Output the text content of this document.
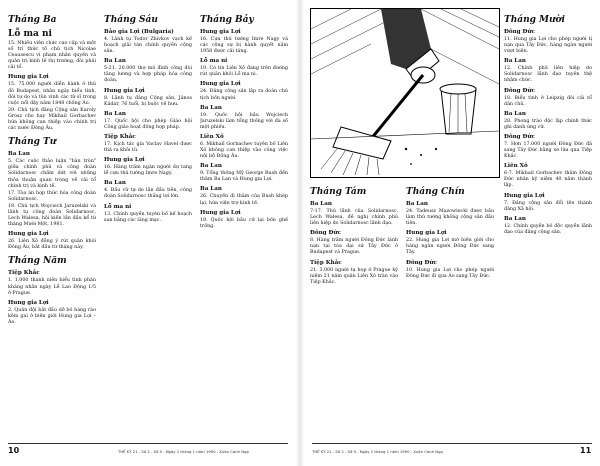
Tháng Ba
Lỗ ma ni
15. Nhiều viên chức cao cấp và một số trí thức tố chủ tịch Nicolae Ceausescu vi phạm nhân quyền và quản trị kinh tế thị trường, đòi phải cải tổ.
Hung gia Lợi
15. 75.000 người diễn hành ở thủ đô Budapest, nhân ngày biểu tình, đòi tự do và tôn vinh các tử sĩ trong cuộc nổi dậy năm 1848 chống Áo.
29. Chủ tịch đảng Cộng sản Karoly Grosz cho hay Mikhail Gorbachev hứa không can thiệp vào chính trị các nước Đông Âu.
Tháng Tư
Ba Lan
5. Các cuộc thảo luận "bàn tròn" giữa chính phủ và công đoàn Solidarnosc chấm dứt với những thỏa thuận quan trọng về cải tổ chính trị và kinh tế.
17. Tòa án hợp thức hóa công đoàn Solidarnosc.
18. Chủ tịch Wojciech Jaruzelski và lãnh tụ công đoàn Solidarnosc, Lech Walesa, hội kiến lần đầu kể từ tháng Mười Một, 1981.
Hung gia Lợi
26. Liên Xô đồng ý rút quân khỏi Đông Âu, bắt đầu từ tháng này.
Tháng Năm
Tiệp Khắc
1. 1.000 thanh niên biểu tình phản kháng nhân ngày Lễ Lao Động 1/5 ở Prague.
Hung gia Lợi
2. Quân đội bắt đầu dỡ bỏ hàng rào kẽm gai ở biên giới Hung gia Lợi – Áo.
Tháng Sáu
Bảo gia Lợi (Bulgaria)
4. Lãnh tụ Todor Zhivkov vạch kế hoạch giải tán chính quyền cộng sản.
Ba Lan
5-21. 20.000 thợ mỏ đình công đòi tăng lương và hợp pháp hóa công đoàn.
Hung gia Lợi
8. Lãnh tụ đảng Cộng sản, János Kádár, 76 tuổi, bị buộc về hưu.
Ba Lan
17. Quốc hội cho phép Giáo hội Công giáo hoạt động hợp pháp.
Tiệp Khắc
17. Kịch tác gia Vaclav Havel được thả ra khỏi tù.
Hung gia Lợi
16. Hàng trăm ngàn người dự tang lễ cựu thủ tướng Imre Nagy.
Ba Lan
4. Bầu cử tự do lần đầu tiên, công đoàn Solidarnosc thắng lợi lớn.
Lỗ ma ni
13. Chính quyền tuyên bố kế hoạch san bằng các làng mạc.
Tháng Bảy
Hung gia Lợi
16. Cựu thủ tướng Imre Nagy và các cộng sự bị hành quyết năm 1958 được cải táng.
Lỗ ma ni
19. Có tin Liên Xô đang trên đường rút quân khỏi Lỗ ma ni.
Hung gia Lợi
24. Đảng cộng sản lập ra đoàn chủ tịch bốn người.
Ba Lan
19. Quốc hội bầu Wojciech Jaruzelski làm tổng thống với đa số một phiếu.
Liên Xô
6. Mikhail Gorbachev tuyên bố Liên Xô không can thiệp vào công việc nội bộ Đông Âu.
Ba Lan
9. Tổng thống Mỹ George Bush đến thăm Ba Lan và Hung gia Lợi.
Ba Lan
26. Chuyến đi thăm của Bush khép lại, hứa viện trợ kinh tế.
Hung gia Lợi
19. Quốc hội bầu cử lại bốn ghế trống.
10	THẾ KỶ 21 - Số 2 - Số 9 - Ngày 1 tháng 1 năm 1990 - Xuân Canh Ngọ
Tháng Tám
Ba Lan
7-17. Thủ lãnh của Solidarnosc, Lech Walesa, đề nghị chính phủ liên hiệp do Solidarnosc lãnh đạo.
Đông Đức
8. Hàng trăm người Đông Đức lánh nạn tại tòa đại sứ Tây Đức ở Budapest và Prague.
Tiệp Khắc
21. 3.000 người tụ họp ở Prague kỷ niệm 21 năm quân Liên Xô tràn vào Tiệp Khắc.
Tháng Chín
Ba Lan
24. Tadeusz Mazowiecki được bầu làm thủ tướng không cộng sản đầu tiên.
Hung gia Lợi
22. Hung gia Lợi mở biên giới cho hàng ngàn người Đông Đức sang Tây.
Đông Đức
10. Hung gia Lợi cho phép người Đông Đức đi qua Áo sang Tây Đức.
Tháng Mười
Đông Đức
11. Hung gia Lợi cho phép người tị nạn qua Tây Đức, hàng ngàn người vượt biên.
Ba Lan
12. Chính phủ liên hiệp do Solidarnosc lãnh đạo tuyên thệ nhậm chức.
Đông Đức
18. Biểu tình ở Leipzig đòi cải tổ dân chủ.
Ba Lan
28. Phong trào độc lập chính thức ghi danh ứng cử.
Đông Đức
7. Hơn 17.000 người Đông Đức đã sang Tây Đức bằng xe lửa qua Tiệp Khắc.
Liên Xô
6-7. Mikhail Gorbachev thăm Đông Đức nhân kỷ niệm 40 năm thành lập.
Hung gia Lợi
7. Đảng cộng sản đổi tên thành đảng Xã hội.
Ba Lan
12. Chính quyền bỏ độc quyền lãnh đạo của đảng cộng sản.
THẾ KỶ 21 - Số 2 - Số 9 - Ngày 1 tháng 1 năm 1990 - Xuân Canh Ngọ	11
